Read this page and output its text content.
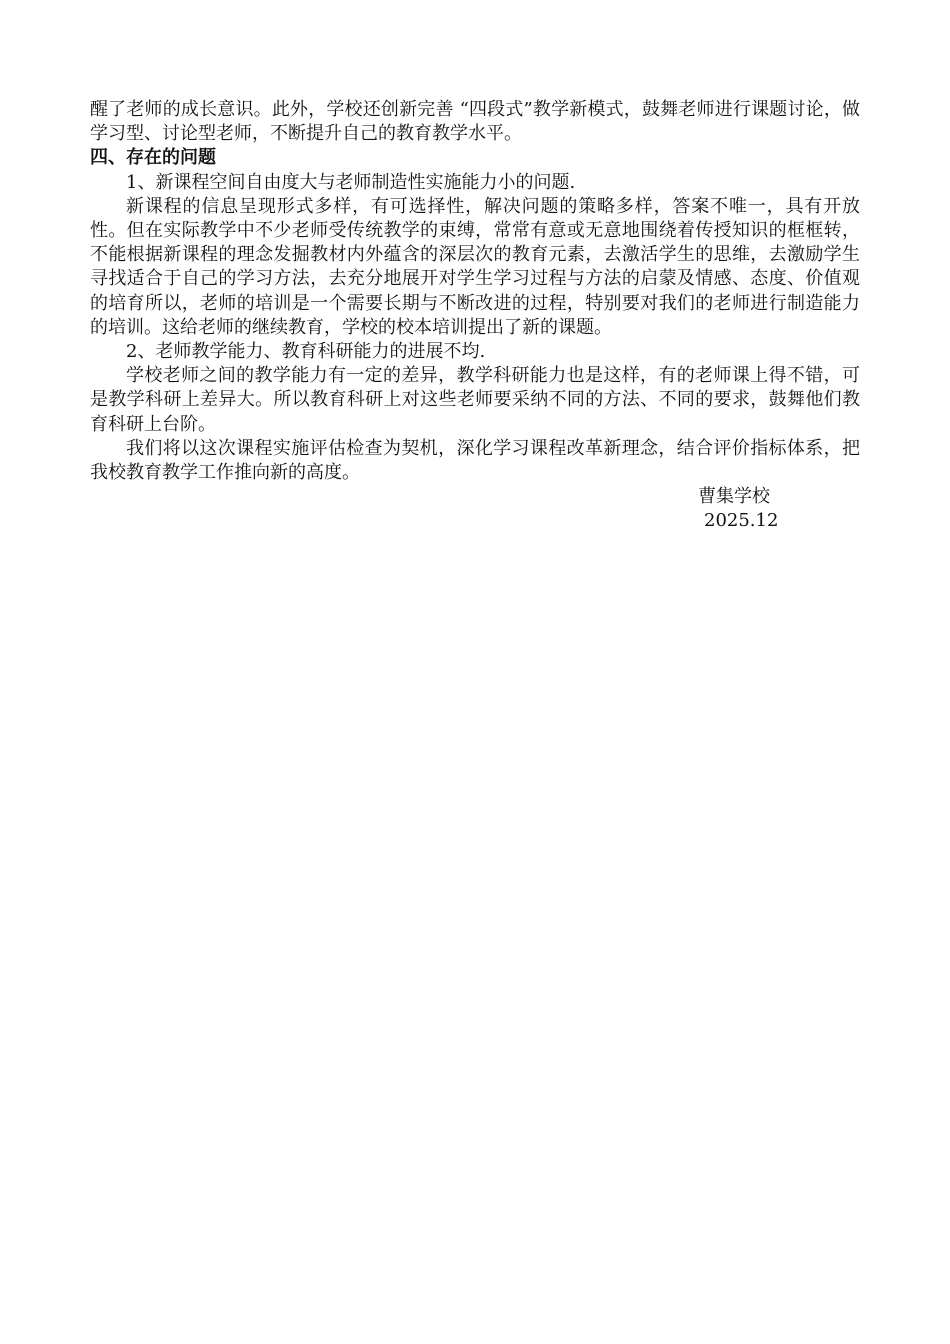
醒了老师的成长意识。此外，学校还创新完善 “四段式”教学新模式，鼓舞老师进行课题讨论，做学习型、讨论型老师，不断提升自己的教育教学水平。

四、存在的问题

1、新课程空间自由度大与老师制造性实施能力小的问题.

新课程的信息呈现形式多样，有可选择性，解决问题的策略多样，答案不唯一，具有开放性。但在实际教学中不少老师受传统教学的束缚，常常有意或无意地围绕着传授知识的框框转，不能根据新课程的理念发掘教材内外蕴含的深层次的教育元素，去激活学生的思维，去激励学生寻找适合于自己的学习方法，去充分地展开对学生学习过程与方法的启蒙及情感、态度、价值观的培育所以，老师的培训是一个需要长期与不断改进的过程，特别要对我们的老师进行制造能力的培训。这给老师的继续教育，学校的校本培训提出了新的课题。

2、老师教学能力、教育科研能力的进展不均.

学校老师之间的教学能力有一定的差异，教学科研能力也是这样，有的老师课上得不错，可是教学科研上差异大。所以教育科研上对这些老师要采纳不同的方法、不同的要求，鼓舞他们教育科研上台阶。

我们将以这次课程实施评估检查为契机，深化学习课程改革新理念，结合评价指标体系，把我校教育教学工作推向新的高度。

曹集学校
2025.12
